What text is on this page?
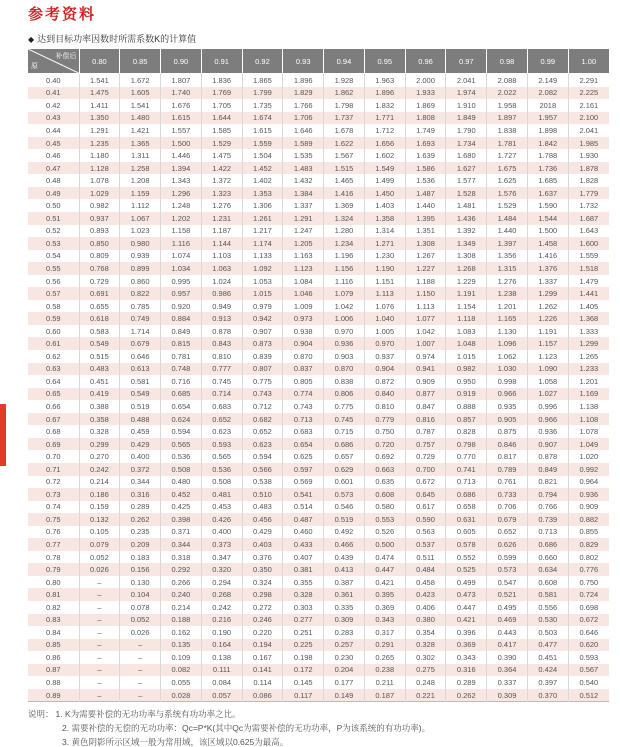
参考资料
◆ 达到目标功率因数时所需系数K的计算值
补偿后
原	0.80	0.85	0.90	0.91	0.92	0.93	0.94	0.95	0.96	0.97	0.98	0.99	1.00
0.40	1.541	1.672	1.807	1.836	1.865	1.896	1.928	1.963	2.000	2.041	2.088	2.149	2.291
0.41	1.475	1.605	1.740	1.769	1.799	1.829	1.862	1.896	1.933	1.974	2.022	2.082	2.225
0.42	1.411	1.541	1.676	1.705	1.735	1.766	1.798	1.832	1.869	1.910	1.958	2018	2.161
0.43	1.350	1.480	1.615	1.644	1.674	1.706	1.737	1.771	1.808	1.849	1.897	1.957	2.100
0.44	1.291	1.421	1.557	1.585	1.615	1.646	1.678	1.712	1.749	1.790	1.838	1.898	2.041
0.45	1.235	1.365	1.500	1.529	1.559	1.589	1.622	1.656	1.693	1.734	1.781	1.842	1.985
0.46	1.180	1.311	1.446	1.475	1.504	1.535	1.567	1.602	1.639	1.680	1.727	1.788	1.930
0.47	1.128	1.258	1.394	1.422	1.452	1.483	1.515	1.549	1.586	1.627	1.675	1.736	1.878
0.48	1.078	1.208	1.343	1.372	1.402	1.432	1.465	1.499	1.536	1.577	1.625	1.685	1.828
0.49	1.029	1.159	1.296	1.323	1.353	1.384	1.416	1.450	1.487	1.528	1.576	1.637	1.779
0.50	0.982	1.112	1.248	1.276	1.306	1.337	1.369	1.403	1.440	1.481	1.529	1.590	1.732
0.51	0.937	1.067	1.202	1.231	1.261	1.291	1.324	1.358	1.395	1.436	1.484	1.544	1.687
0.52	0.893	1.023	1.158	1.187	1.217	1.247	1.280	1.314	1.351	1.392	1.440	1.500	1.643
0.53	0.850	0.980	1.116	1.144	1.174	1.205	1.234	1.271	1.308	1.349	1.397	1.458	1.600
0.54	0.809	0.939	1.074	1.103	1.133	1.163	1.196	1.230	1.267	1.308	1.356	1.416	1.559
0.55	0.768	0.899	1.034	1.063	1.092	1.123	1.156	1.190	1.227	1.268	1.315	1.376	1.518
0.56	0.729	0.860	0.995	1.024	1.053	1.084	1.116	1.151	1.188	1.229	1.276	1.337	1.479
0.57	0.691	0.822	0.957	0.986	1.015	1.046	1.079	1.113	1.150	1.191	1.238	1.299	1.441
0.58	0.655	0.785	0.920	0.949	0.979	1.009	1.042	1.076	1.113	1.154	1.201	1.262	1.405
0.59	0.618	0.749	0.884	0.913	0.942	0.973	1.006	1.040	1.077	1.118	1.165	1.226	1.368
0.60	0.583	1.714	0.849	0.878	0.907	0.938	0.970	1.005	1.042	1.083	1.130	1.191	1.333
0.61	0.549	0.679	0.815	0.843	0.873	0.904	0.936	0.970	1.007	1.048	1.096	1.157	1.299
0.62	0.515	0.646	0.781	0.810	0.839	0.870	0.903	0.937	0.974	1.015	1.062	1.123	1.265
0.63	0.483	0.613	0.748	0.777	0.807	0.837	0.870	0.904	0.941	0.982	1.030	1.090	1.233
0.64	0.451	0.581	0.716	0.745	0.775	0.805	0.838	0.872	0.909	0.950	0.998	1.058	1.201
0.65	0.419	0.549	0.685	0.714	0.743	0.774	0.806	0.840	0.877	0.919	0.966	1.027	1.169
0.66	0.388	0.519	0.654	0.683	0.712	0.743	0.775	0.810	0.847	0.888	0.935	0.996	1.138
0.67	0.358	0.488	0.624	0.652	0.682	0.713	0.745	0.779	0.816	0.857	0.905	0.966	1.108
0.68	0.328	0.459	0.594	0.623	0.652	0.683	0.715	0.750	0.787	0.828	0.875	0.936	1.078
0.69	0.299	0.429	0.565	0.593	0.623	0.654	0.686	0.720	0.757	0.798	0.846	0.907	1.049
0.70	0.270	0.400	0.536	0.565	0.594	0.625	0.657	0.692	0.729	0.770	0.817	0.878	1.020
0.71	0.242	0.372	0.508	0.536	0.566	0.597	0.629	0.663	0.700	0.741	0.789	0.849	0.992
0.72	0.214	0.344	0.480	0.508	0.538	0.569	0.601	0.635	0.672	0.713	0.761	0.821	0.964
0.73	0.186	0.316	0.452	0.481	0.510	0.541	0.573	0.608	0.645	0.686	0.733	0.794	0.936
0.74	0.159	0.289	0.425	0.453	0.483	0.514	0.546	0.580	0.617	0.658	0.706	0.766	0.909
0.75	0.132	0.262	0.398	0.426	0.456	0.487	0.519	0.553	0.590	0.631	0.679	0.739	0.882
0.76	0.105	0.235	0.371	0.400	0.429	0.460	0.492	0.526	0.563	0.605	0.652	0.713	0.855
0.77	0.079	0.209	0.344	0.373	0.403	0.433	0.466	0.500	0.537	0.578	0.626	0.686	0.829
0.78	0.052	0.183	0.318	0.347	0.376	0.407	0.439	0.474	0.511	0.552	0.599	0.660	0.802
0.79	0.026	0.156	0.292	0.320	0.350	0.381	0.413	0.447	0.484	0.525	0.573	0.634	0.776
0.80	–	0.130	0.266	0.294	0.324	0.355	0.387	0.421	0.458	0.499	0.547	0.608	0.750
0.81	–	0.104	0.240	0.268	0.298	0.328	0.361	0.395	0.423	0.473	0.521	0.581	0.724
0.82	–	0.078	0.214	0.242	0.272	0.303	0.335	0.369	0.406	0.447	0.495	0.556	0.698
0.83	–	0.052	0.188	0.216	0.246	0.277	0.309	0.343	0.380	0.421	0.469	0.530	0.672
0.84	–	0.026	0.162	0.190	0.220	0.251	0.283	0.317	0.354	0.396	0.443	0.503	0.646
0.85	–	–	0.135	0.164	0.194	0.225	0.257	0.291	0.328	0.369	0.417	0.477	0.620
0.86	–	–	0.109	0.138	0.167	0.198	0.230	0.265	0.302	0.343	0.390	0.451	0.593
0.87	–	–	0.082	0.111	0.141	0.172	0.204	0.238	0.275	0.316	0.364	0.424	0.567
0.88	–	–	0.055	0.084	0.114	0.145	0.177	0.211	0.248	0.289	0.337	0.397	0.540
0.89	–	–	0.028	0.057	0.086	0.117	0.149	0.187	0.221	0.262	0.309	0.370	0.512
说明： 1. K为需要补偿的无功功率与系统有功功率之比。
2. 需要补偿的无偿的无功功率：Qc=P*K(其中Qc为需要补偿的无功功率，P为该系统的有功功率)。
3. 黄色阴影所示区域一般为常用域，该区域以0.625为最高。
